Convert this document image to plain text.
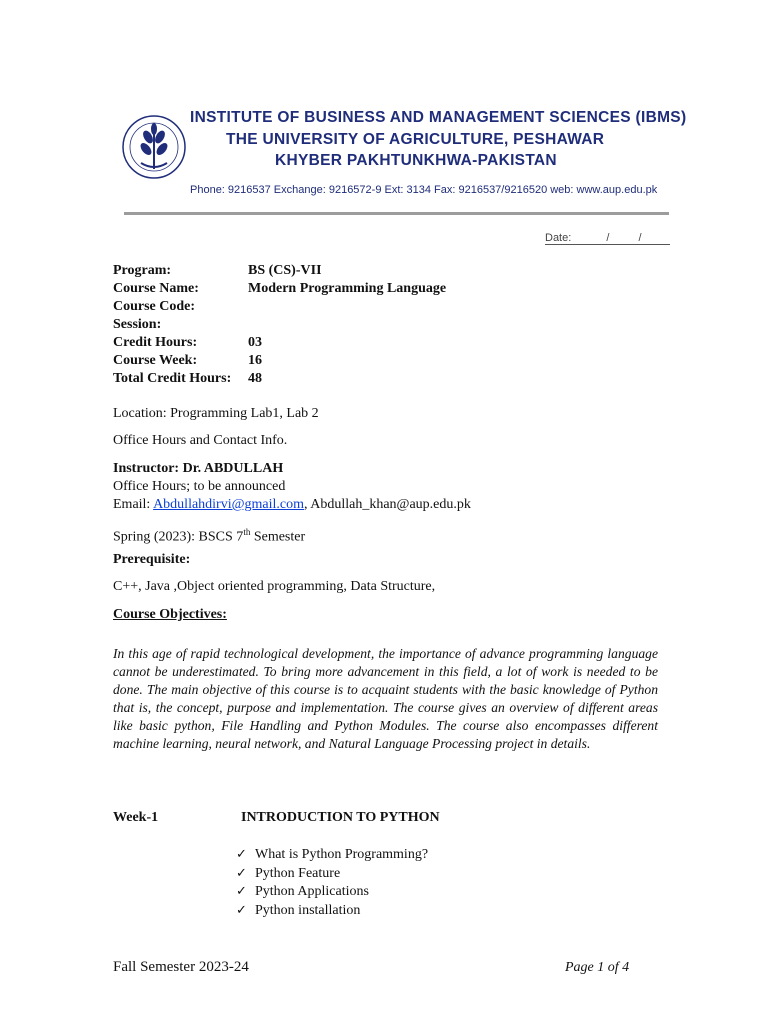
INSTITUTE OF BUSINESS AND MANAGEMENT SCIENCES (IBMS)
THE UNIVERSITY OF AGRICULTURE, PESHAWAR
KHYBER PAKHTUNKHWA-PAKISTAN
Phone: 9216537 Exchange: 9216572-9 Ext: 3134 Fax: 9216537/9216520 web: www.aup.edu.pk
Date:	/	/
Program:	BS (CS)-VII
Course Name:	Modern Programming Language
Course Code:
Session:
Credit Hours:	03
Course Week:	16
Total Credit Hours:	48
Location: Programming Lab1, Lab 2
Office Hours and Contact Info.
Instructor: Dr. ABDULLAH
Office Hours; to be announced
Email: Abdullahdirvi@gmail.com, Abdullah_khan@aup.edu.pk
Spring (2023): BSCS 7th Semester
Prerequisite:
C++, Java ,Object oriented programming, Data Structure,
Course Objectives:
In this age of rapid technological development, the importance of advance programming language cannot be underestimated. To bring more advancement in this field, a lot of work is needed to be done. The main objective of this course is to acquaint students with the basic knowledge of Python that is, the concept, purpose and implementation. The course gives an overview of different areas like basic python, File Handling and Python Modules. The course also encompasses different machine learning, neural network, and Natural Language Processing project in details.
Week-1	INTRODUCTION TO PYTHON
✓ What is Python Programming?
✓ Python Feature
✓ Python Applications
✓ Python installation
Fall Semester 2023-24	Page 1 of 4
